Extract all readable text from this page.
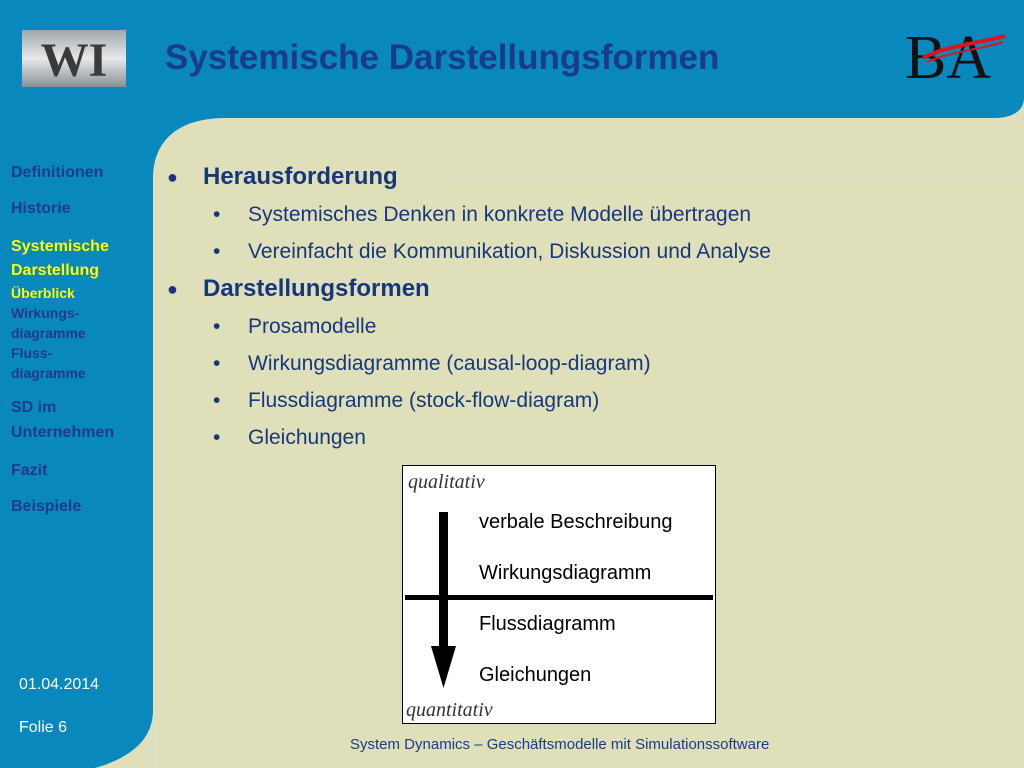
WI	BA
Systemische Darstellungsformen
Definitionen
Historie
Systemische
Darstellung
Überblick
Wirkungs-
diagramme
Fluss-
diagramme
SD im Unternehmen
Fazit
Beispiele
● Herausforderung
• Systemisches Denken in konkrete Modelle übertragen
• Vereinfacht die Kommunikation, Diskussion und Analyse
● Darstellungsformen
• Prosamodelle
• Wirkungsdiagramme (causal-loop-diagram)
• Flussdiagramme (stock-flow-diagram)
• Gleichungen
qualitativ
verbale Beschreibung
Wirkungsdiagramm
Flussdiagramm
Gleichungen
quantitativ
01.04.2014
Folie 6
System Dynamics – Geschäftsmodelle mit Simulationssoftware
